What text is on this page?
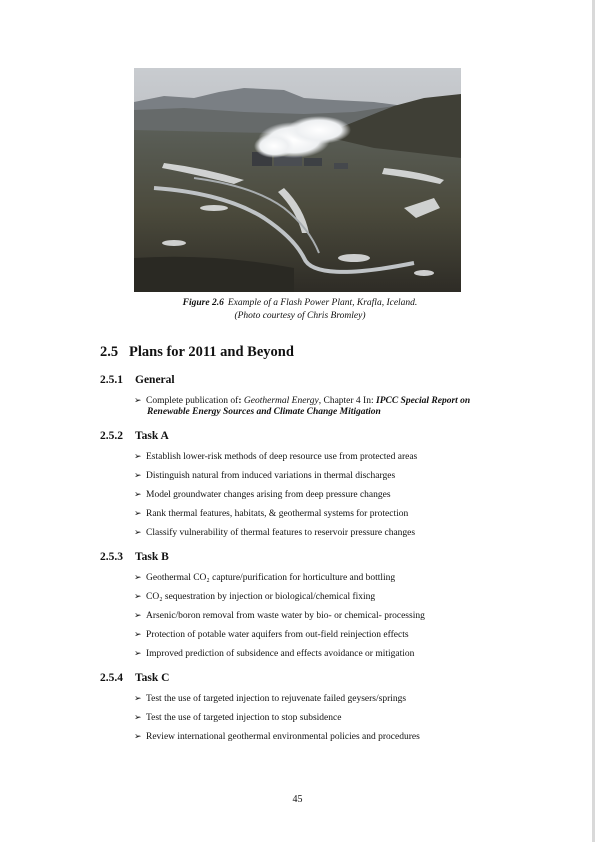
Figure 2.6 Example of a Flash Power Plant, Krafla, Iceland.
(Photo courtesy of Chris Bromley)
2.5 Plans for 2011 and Beyond
2.5.1 General
➢ Complete publication of: Geothermal Energy, Chapter 4 In: IPCC Special Report on
Renewable Energy Sources and Climate Change Mitigation
2.5.2 Task A
➢ Establish lower-risk methods of deep resource use from protected areas
➢ Distinguish natural from induced variations in thermal discharges
➢ Model groundwater changes arising from deep pressure changes
➢ Rank thermal features, habitats, & geothermal systems for protection
➢ Classify vulnerability of thermal features to reservoir pressure changes
2.5.3 Task B
➢ Geothermal CO₂ capture/purification for horticulture and bottling
➢ CO₂ sequestration by injection or biological/chemical fixing
➢ Arsenic/boron removal from waste water by bio- or chemical- processing
➢ Protection of potable water aquifers from out-field reinjection effects
➢ Improved prediction of subsidence and effects avoidance or mitigation
2.5.4 Task C
➢ Test the use of targeted injection to rejuvenate failed geysers/springs
➢ Test the use of targeted injection to stop subsidence
➢ Review international geothermal environmental policies and procedures
45
